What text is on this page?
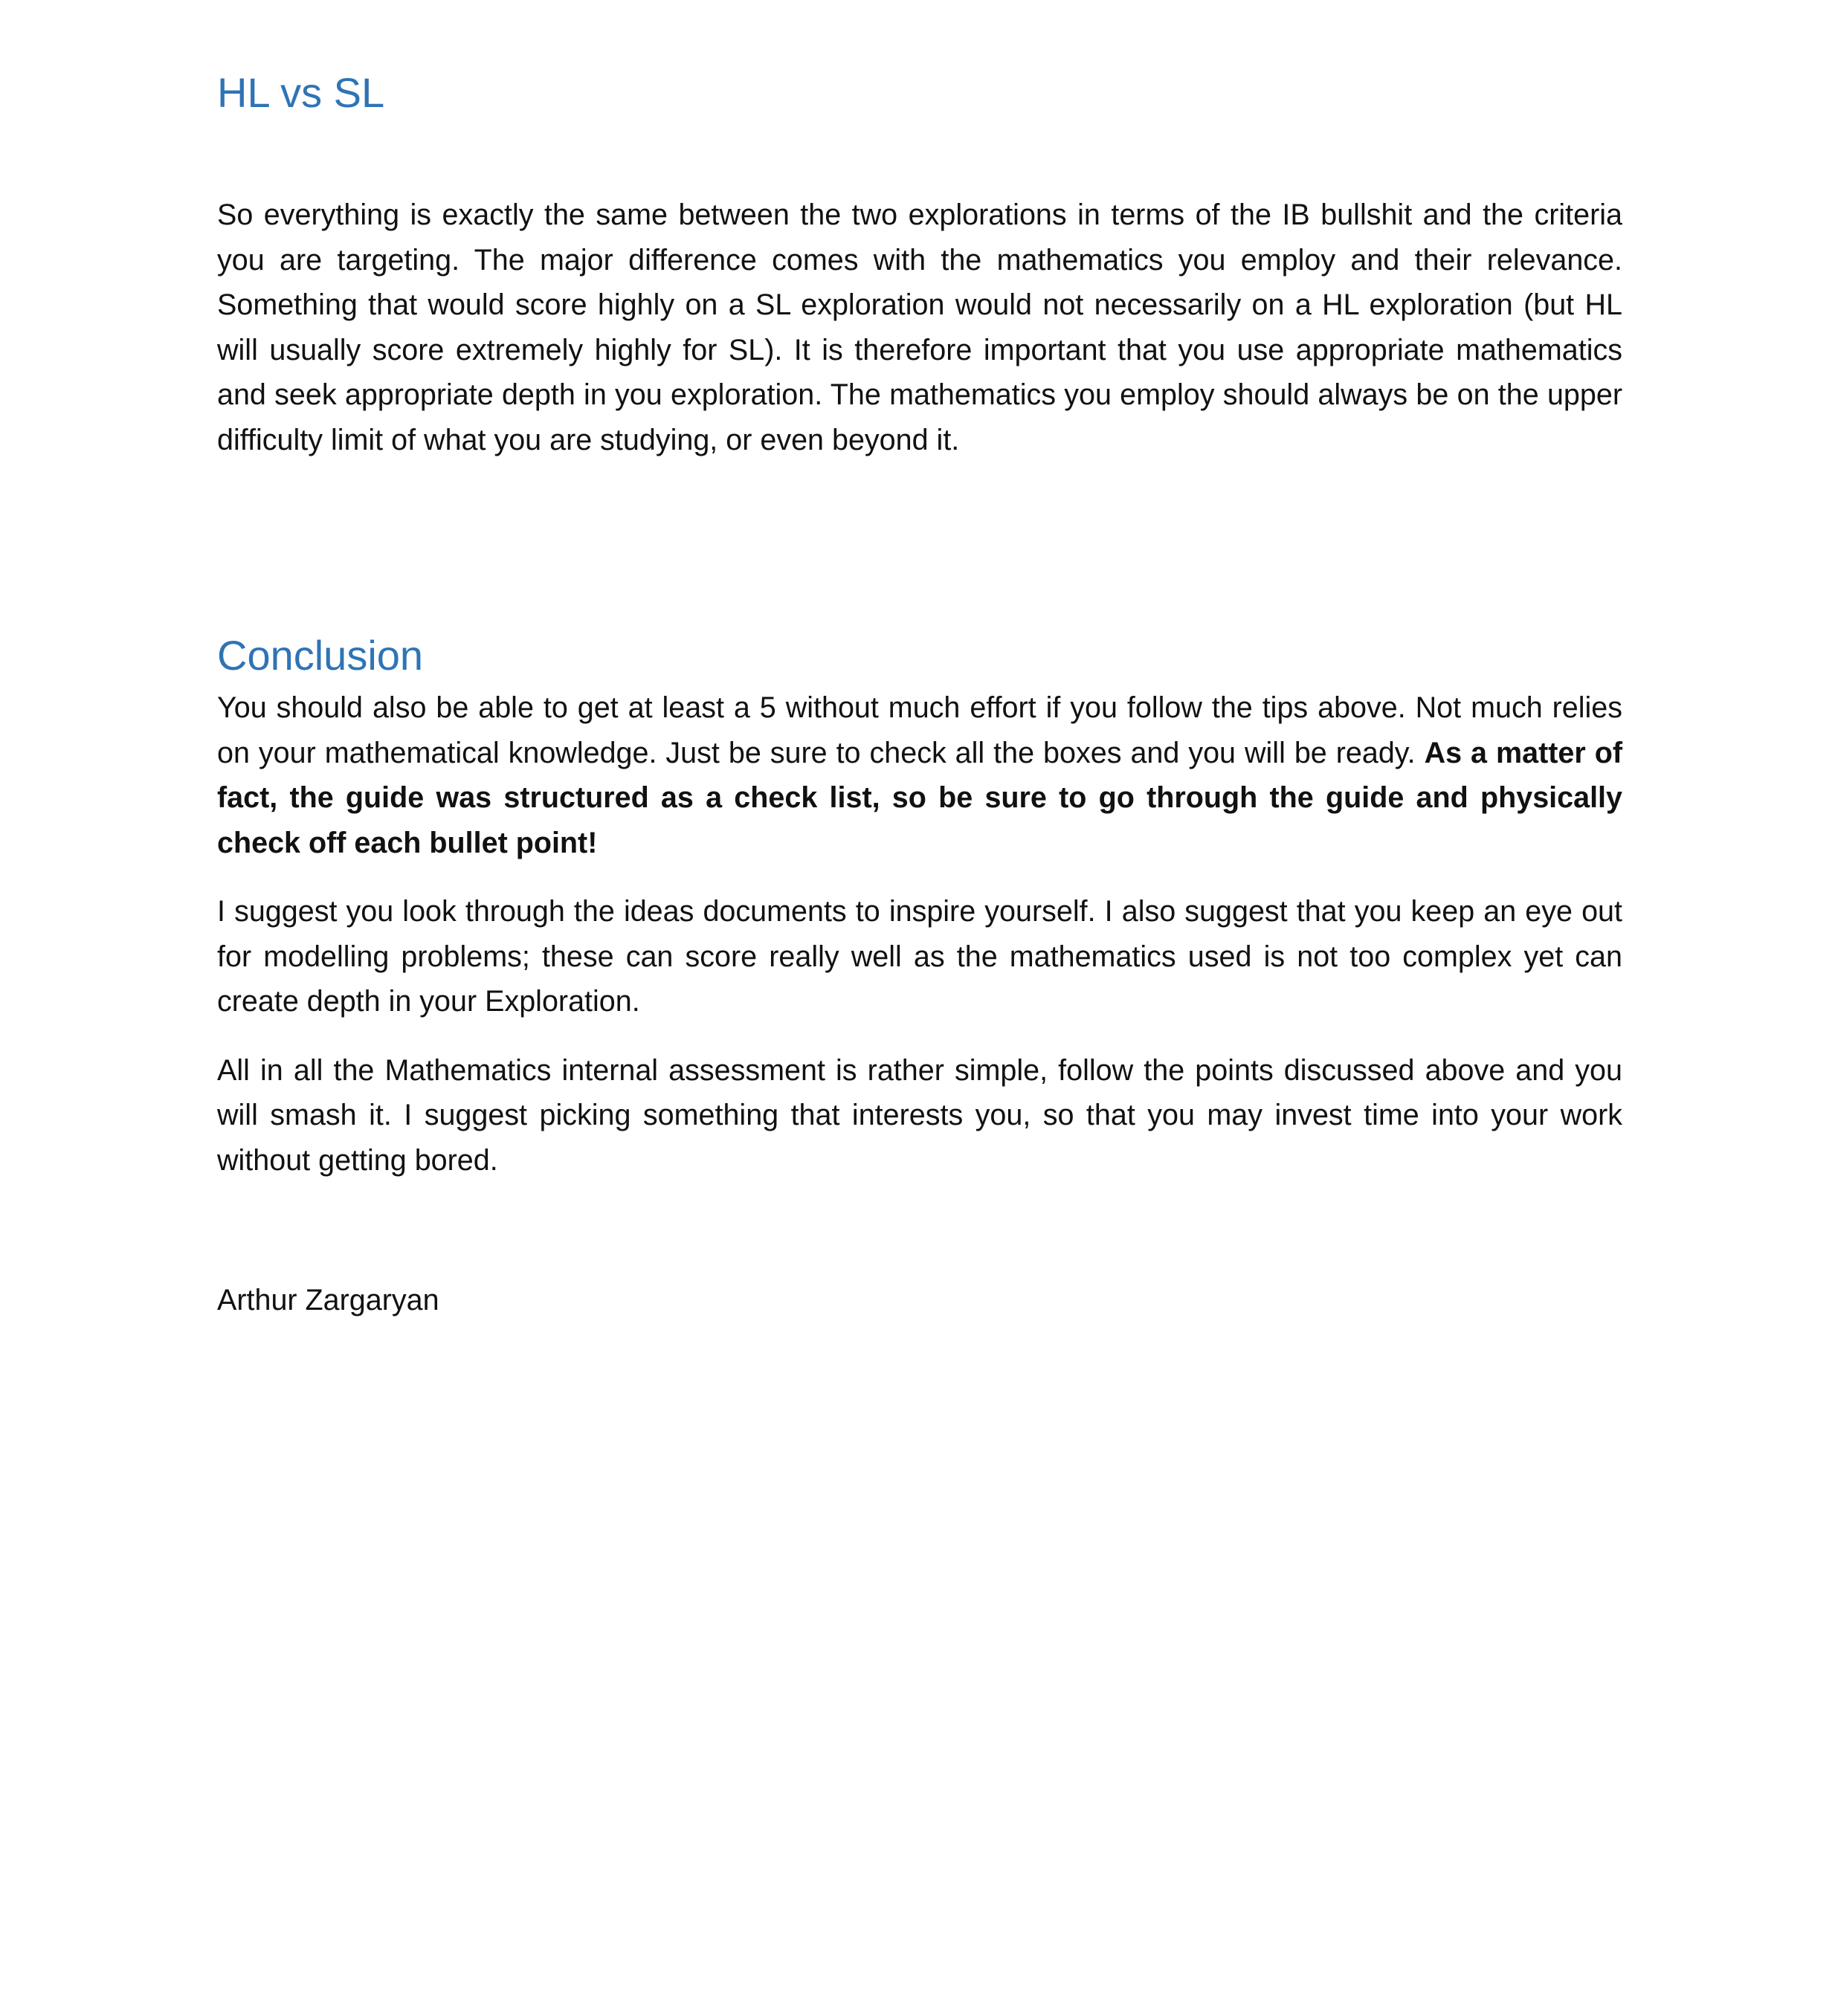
HL vs SL

So everything is exactly the same between the two explorations in terms of the IB bullshit and the criteria you are targeting. The major difference comes with the mathematics you employ and their relevance. Something that would score highly on a SL exploration would not necessarily on a HL exploration (but HL will usually score extremely highly for SL). It is therefore important that you use appropriate mathematics and seek appropriate depth in you exploration. The mathematics you employ should always be on the upper difficulty limit of what you are studying, or even beyond it.

Conclusion

You should also be able to get at least a 5 without much effort if you follow the tips above. Not much relies on your mathematical knowledge. Just be sure to check all the boxes and you will be ready. As a matter of fact, the guide was structured as a check list, so be sure to go through the guide and physically check off each bullet point!

I suggest you look through the ideas documents to inspire yourself. I also suggest that you keep an eye out for modelling problems; these can score really well as the mathematics used is not too complex yet can create depth in your Exploration.

All in all the Mathematics internal assessment is rather simple, follow the points discussed above and you will smash it. I suggest picking something that interests you, so that you may invest time into your work without getting bored.

Arthur Zargaryan
